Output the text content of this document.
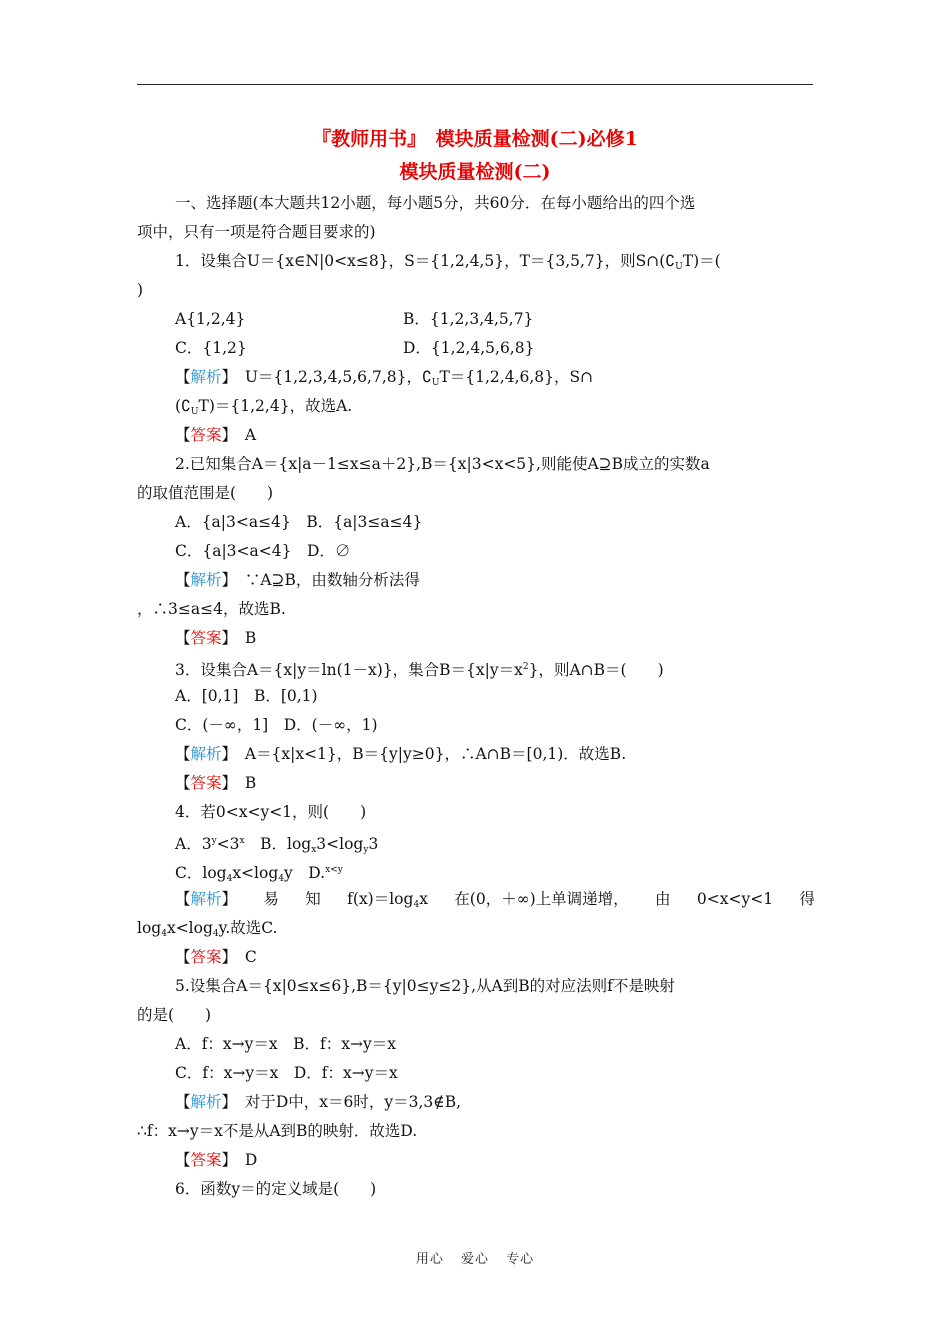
『教师用书』　模块质量检测(二)必修1
模块质量检测(二)
一、选择题(本大题共12小题，每小题5分，共60分．在每小题给出的四个选
项中，只有一项是符合题目要求的)
1．设集合U＝{x∈N|0<x≤8}，S＝{1,2,4,5}，T＝{3,5,7}，则$S\cap(∁_UT)=$(
)
A{1,2,4}	B．{1,2,3,4,5,7}
C．{1,2}	D．{1,2,4,5,6,8}
【解析】　 U＝{1,2,3,4,5,6,7,8}，$∁_UT=\{1,2,4,6,8\}$，S∩
$(∁_UT)=\{1,2,4\}$，故选A.
【答案】　 A
2.已知集合A＝{x|a－1≤x≤a＋2},B＝{x|3<x<5},则能使A⊇B成立的实数a
的取值范围是(　　)
A．{a|3<a≤4}　B．{a|3≤a≤4}
C．{a|3<a<4}　D．∅
【解析】　 ∵A⊇B，由数轴分析法得
，∴3≤a≤4，故选B.
【答案】　 B
3．设集合A＝{x|y＝ln(1－x)}，集合$B=\{x|y=x^2\}$，则A∩B＝(　　)
A．[0,1]　B．[0,1)
C．(－∞，1]　D．(－∞，1)
【解析】　 A＝{x|x<1}，B＝{y|y≥0}，∴A∩B＝[0,1)．故选B.
【答案】　 B
4．若0<x<y<1，则(　　)
A．$3^y<3^x$　B．$\log_x3<\log_y3$
C．$\log_4x<\log_4y$　D.$^{x<y}$
【解析】 易 知 $f(x)=\log_4x$ 在(0，＋∞)上单调递增， 由 0<x<y<1 得
$\log_4x<\log_4y$.故选C.
【答案】　 C
5.设集合A＝{x|0≤x≤6},B＝{y|0≤y≤2},从A到B的对应法则f不是映射
的是(　　)
A．f：x→y＝x　B．f：x→y＝x
C．f：x→y＝x　D．f：x→y＝x
【解析】　 对于D中，x＝6时，y＝3,3∉B,
∴f：x→y＝x不是从A到B的映射．故选D.
【答案】　 D
6．函数y＝的定义域是(　　)
用心 爱心 专心
